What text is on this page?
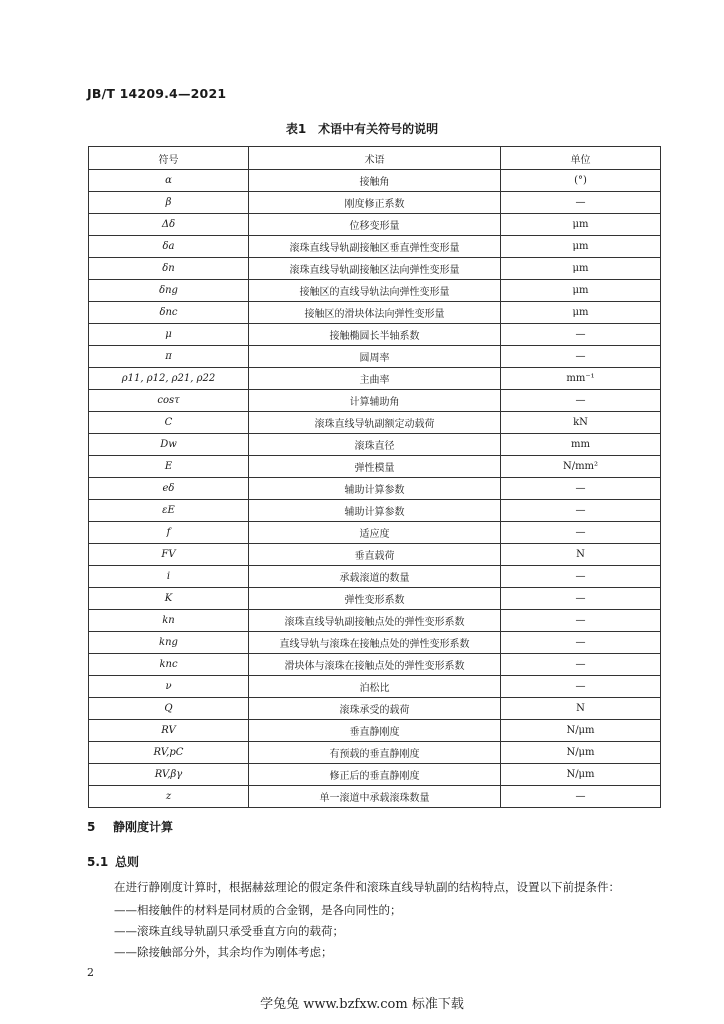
JB/T 14209.4—2021
表1　术语中有关符号的说明
符号	术语	单位
α	接触角	(°)
β	刚度修正系数	—
Δδ	位移变形量	μm
δa	滚珠直线导轨副接触区垂直弹性变形量	μm
δn	滚珠直线导轨副接触区法向弹性变形量	μm
δng	接触区的直线导轨法向弹性变形量	μm
δnc	接触区的滑块体法向弹性变形量	μm
μ	接触椭圆长半轴系数	—
π	圆周率	—
ρ11, ρ12, ρ21, ρ22	主曲率	mm⁻¹
cosτ	计算辅助角	—
C	滚珠直线导轨副额定动载荷	kN
Dw	滚珠直径	mm
E	弹性模量	N/mm²
eδ	辅助计算参数	—
εE	辅助计算参数	—
f	适应度	—
FV	垂直载荷	N
i	承载滚道的数量	—
K	弹性变形系数	—
kn	滚珠直线导轨副接触点处的弹性变形系数	—
kng	直线导轨与滚珠在接触点处的弹性变形系数	—
knc	滑块体与滚珠在接触点处的弹性变形系数	—
ν	泊松比	—
Q	滚珠承受的载荷	N
RV	垂直静刚度	N/μm
RV,pC	有预载的垂直静刚度	N/μm
RV,βγ	修正后的垂直静刚度	N/μm
z	单一滚道中承载滚珠数量	—
5 静刚度计算
5.1 总则
在进行静刚度计算时，根据赫兹理论的假定条件和滚珠直线导轨副的结构特点，设置以下前提条件：
——相接触件的材料是同材质的合金钢，是各向同性的；
——滚珠直线导轨副只承受垂直方向的载荷；
——除接触部分外，其余均作为刚体考虑；
2
学兔兔 www.bzfxw.com 标准下载
